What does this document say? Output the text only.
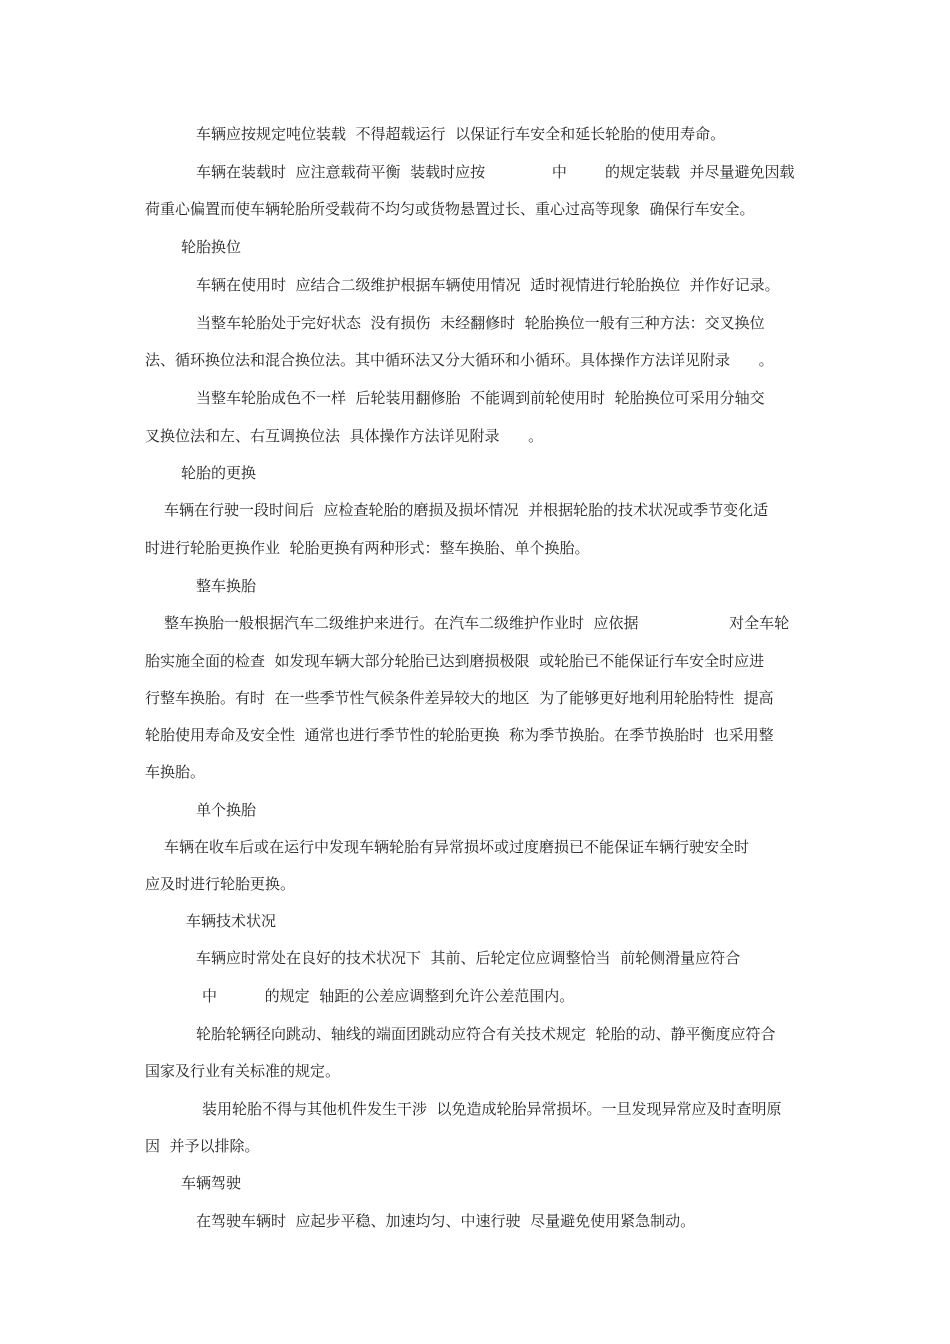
车辆应按规定吨位装载  不得超载运行  以保证行车安全和延长轮胎的使用寿命。
车辆在装载时  应注意载荷平衡  装载时应按              中        的规定装载  并尽量避免因载
荷重心偏置而使车辆轮胎所受载荷不均匀或货物悬置过长、重心过高等现象  确保行车安全。
轮胎换位
车辆在使用时  应结合二级维护根据车辆使用情况  适时视情进行轮胎换位  并作好记录。
当整车轮胎处于完好状态  没有损伤  未经翻修时  轮胎换位一般有三种方法：交叉换位
法、循环换位法和混合换位法。其中循环法又分大循环和小循环。具体操作方法详见附录      。
当整车轮胎成色不一样  后轮装用翻修胎  不能调到前轮使用时  轮胎换位可采用分轴交
叉换位法和左、右互调换位法  具体操作方法详见附录      。
轮胎的更换
车辆在行驶一段时间后  应检查轮胎的磨损及损坏情况  并根据轮胎的技术状况或季节变化适
时进行轮胎更换作业  轮胎更换有两种形式：整车换胎、单个换胎。
整车换胎
整车换胎一般根据汽车二级维护来进行。在汽车二级维护作业时  应依据                   对全车轮
胎实施全面的检查  如发现车辆大部分轮胎已达到磨损极限  或轮胎已不能保证行车安全时应进
行整车换胎。有时  在一些季节性气候条件差异较大的地区  为了能够更好地利用轮胎特性  提高
轮胎使用寿命及安全性  通常也进行季节性的轮胎更换  称为季节换胎。在季节换胎时  也采用整
车换胎。
单个换胎
车辆在收车后或在运行中发现车辆轮胎有异常损坏或过度磨损已不能保证车辆行驶安全时
应及时进行轮胎更换。
车辆技术状况
车辆应时常处在良好的技术状况下  其前、后轮定位应调整恰当  前轮侧滑量应符合
中          的规定  轴距的公差应调整到允许公差范围内。
轮胎轮辆径向跳动、轴线的端面团跳动应符合有关技术规定  轮胎的动、静平衡度应符合
国家及行业有关标准的规定。
装用轮胎不得与其他机件发生干涉  以免造成轮胎异常损坏。一旦发现异常应及时查明原
因  并予以排除。
车辆驾驶
在驾驶车辆时  应起步平稳、加速均匀、中速行驶  尽量避免使用紧急制动。
